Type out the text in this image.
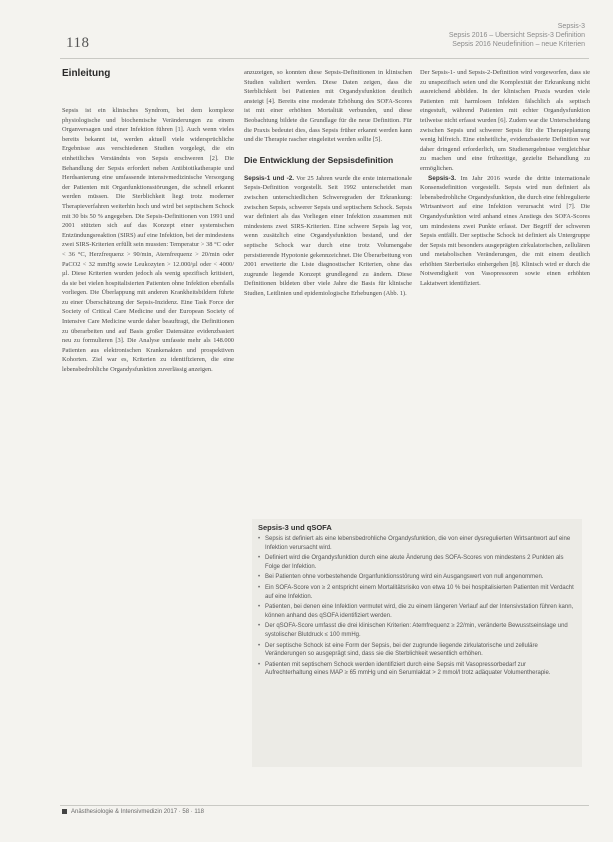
118
Sepsis-3
Sepsis 2016 – Übersicht Sepsis-3 Definition
Sepsis 2016 Neudefinition – neue Kriterien
Einleitung

Sepsis ist ein klinisches Syndrom, bei dem komplexe physiologische und biochemische Veränderungen zu einem Organversagen und einer Infektion führen [1]. Auch wenn vieles bereits bekannt ist, werden aktuell viele widersprüchliche Ergebnisse aus verschiedenen Studien vorgelegt, die ein einheitliches Verständnis von Sepsis erschweren [2]. Die Behandlung der Sepsis erfordert neben Antibiotikatherapie und Herdsanierung eine umfassende intensivmedizinische Versorgung der Patienten mit Organfunktionsstörungen, die schnell erkannt werden müssen. Die Sterblichkeit liegt trotz moderner Therapieverfahren weiterhin hoch und wird bei septischem Schock mit 30 bis 50 % angegeben. Die Sepsis-Definitionen von 1991 und 2001 stützten sich auf das Konzept einer systemischen Entzündungsreaktion (SIRS) auf eine Infektion, bei der mindestens zwei SIRS-Kriterien erfüllt sein mussten: Temperatur > 38 °C oder < 36 °C, Herzfrequenz > 90/min, Atemfrequenz > 20/min oder PaCO2 < 32 mmHg sowie Leukozyten > 12.000/µl oder < 4000/µl. Diese Kriterien wurden jedoch als wenig spezifisch kritisiert, da sie bei vielen hospitalisierten Patienten ohne Infektion ebenfalls vorliegen. Die Überlappung mit anderen Krankheitsbildern führte zu einer Überschätzung der Sepsis-Inzidenz. Eine Task Force der Society of Critical Care Medicine und der European Society of Intensive Care Medicine wurde daher beauftragt, die Definitionen zu überarbeiten und auf Basis großer Datensätze evidenzbasiert neu zu formulieren [3]. Die Analyse umfasste mehr als 148.000 Patienten aus elektronischen Krankenakten und prospektiven Kohorten. Ziel war es, Kriterien zu identifizieren, die eine lebensbedrohliche Organdysfunktion zuverlässig anzeigen.

anzuzeigen, so konnten diese Sepsis-Definitionen in klinischen Studien validiert werden. Diese Daten zeigen, dass die Sterblichkeit bei Patienten mit Organdysfunktion deutlich ansteigt [4]. Bereits eine moderate Erhöhung des SOFA-Scores ist mit einer erhöhten Mortalität verbunden, und diese Beobachtung bildete die Grundlage für die neue Definition. Für die Praxis bedeutet dies, dass Sepsis früher erkannt werden kann und die Therapie rascher eingeleitet werden sollte [5].

Die Entwicklung der Sepsisdefinition

Sepsis-1 und -2. Vor 25 Jahren wurde die erste internationale Sepsis-Definition vorgestellt. Seit 1992 unterscheidet man zwischen unterschiedlichen Schweregraden der Erkrankung: zwischen Sepsis, schwerer Sepsis und septischem Schock. Sepsis war definiert als das Vorliegen einer Infektion zusammen mit mindestens zwei SIRS-Kriterien. Eine schwere Sepsis lag vor, wenn zusätzlich eine Organdysfunktion bestand, und der septische Schock war durch eine trotz Volumengabe persistierende Hypotonie gekennzeichnet. Die Überarbeitung von 2001 erweiterte die Liste diagnostischer Kriterien, ohne das zugrunde liegende Konzept grundlegend zu ändern. Diese Definitionen bildeten über viele Jahre die Basis für klinische Studien, Leitlinien und epidemiologische Erhebungen (Abb. 1).

Der Sepsis-1- und Sepsis-2-Definition wird vorgeworfen, dass sie zu unspezifisch seien und die Komplexität der Erkrankung nicht ausreichend abbilden. In der klinischen Praxis wurden viele Patienten mit harmlosen Infekten fälschlich als septisch eingestuft, während Patienten mit echter Organdysfunktion teilweise nicht erfasst wurden [6]. Zudem war die Unterscheidung zwischen Sepsis und schwerer Sepsis für die Therapieplanung wenig hilfreich. Eine einheitliche, evidenzbasierte Definition war daher dringend erforderlich, um Studienergebnisse vergleichbar zu machen und eine frühzeitige, gezielte Behandlung zu ermöglichen.

Sepsis-3. Im Jahr 2016 wurde die dritte internationale Konsensdefinition vorgestellt. Sepsis wird nun definiert als lebensbedrohliche Organdysfunktion, die durch eine fehlregulierte Wirtsantwort auf eine Infektion verursacht wird [7]. Die Organdysfunktion wird anhand eines Anstiegs des SOFA-Scores um mindestens zwei Punkte erfasst. Der Begriff der schweren Sepsis entfällt. Der septische Schock ist definiert als Untergruppe der Sepsis mit besonders ausgeprägten zirkulatorischen, zellulären und metabolischen Veränderungen, die mit einem deutlich erhöhten Sterberisiko einhergehen [8]. Klinisch wird er durch die Notwendigkeit von Vasopressoren sowie einen erhöhten Laktatwert identifiziert.

Sepsis-3 und qSOFA
• Sepsis ist definiert als eine lebensbedrohliche Organdysfunktion, die von einer dysregulierten Wirtsantwort auf eine Infektion verursacht wird.
• Definiert wird die Organdysfunktion durch eine akute Änderung des SOFA-Scores von mindestens 2 Punkten als Folge der Infektion.
• Bei Patienten ohne vorbestehende Organfunktionsstörung wird ein Ausgangswert von null angenommen.
• Ein SOFA-Score von ≥ 2 entspricht einem Mortalitätsrisiko von etwa 10 % bei hospitalisierten Patienten mit Verdacht auf eine Infektion.
• Patienten, bei denen eine Infektion vermutet wird, die zu einem längeren Verlauf auf der Intensivstation führen kann, können anhand des qSOFA identifiziert werden.
• Der qSOFA-Score umfasst die drei klinischen Kriterien: Atemfrequenz ≥ 22/min, veränderte Bewusstseinslage und systolischer Blutdruck ≤ 100 mmHg.
• Der septische Schock ist eine Form der Sepsis, bei der zugrunde liegende zirkulatorische und zelluläre Veränderungen so ausgeprägt sind, dass sie die Sterblichkeit wesentlich erhöhen.
• Patienten mit septischem Schock werden identifiziert durch eine Sepsis mit Vasopressorbedarf zur Aufrechterhaltung eines MAP ≥ 65 mmHg und ein Serumlaktat > 2 mmol/l trotz adäquater Volumentherapie.
Anästhesiologie & Intensivmedizin 2017 · 58 · 118
